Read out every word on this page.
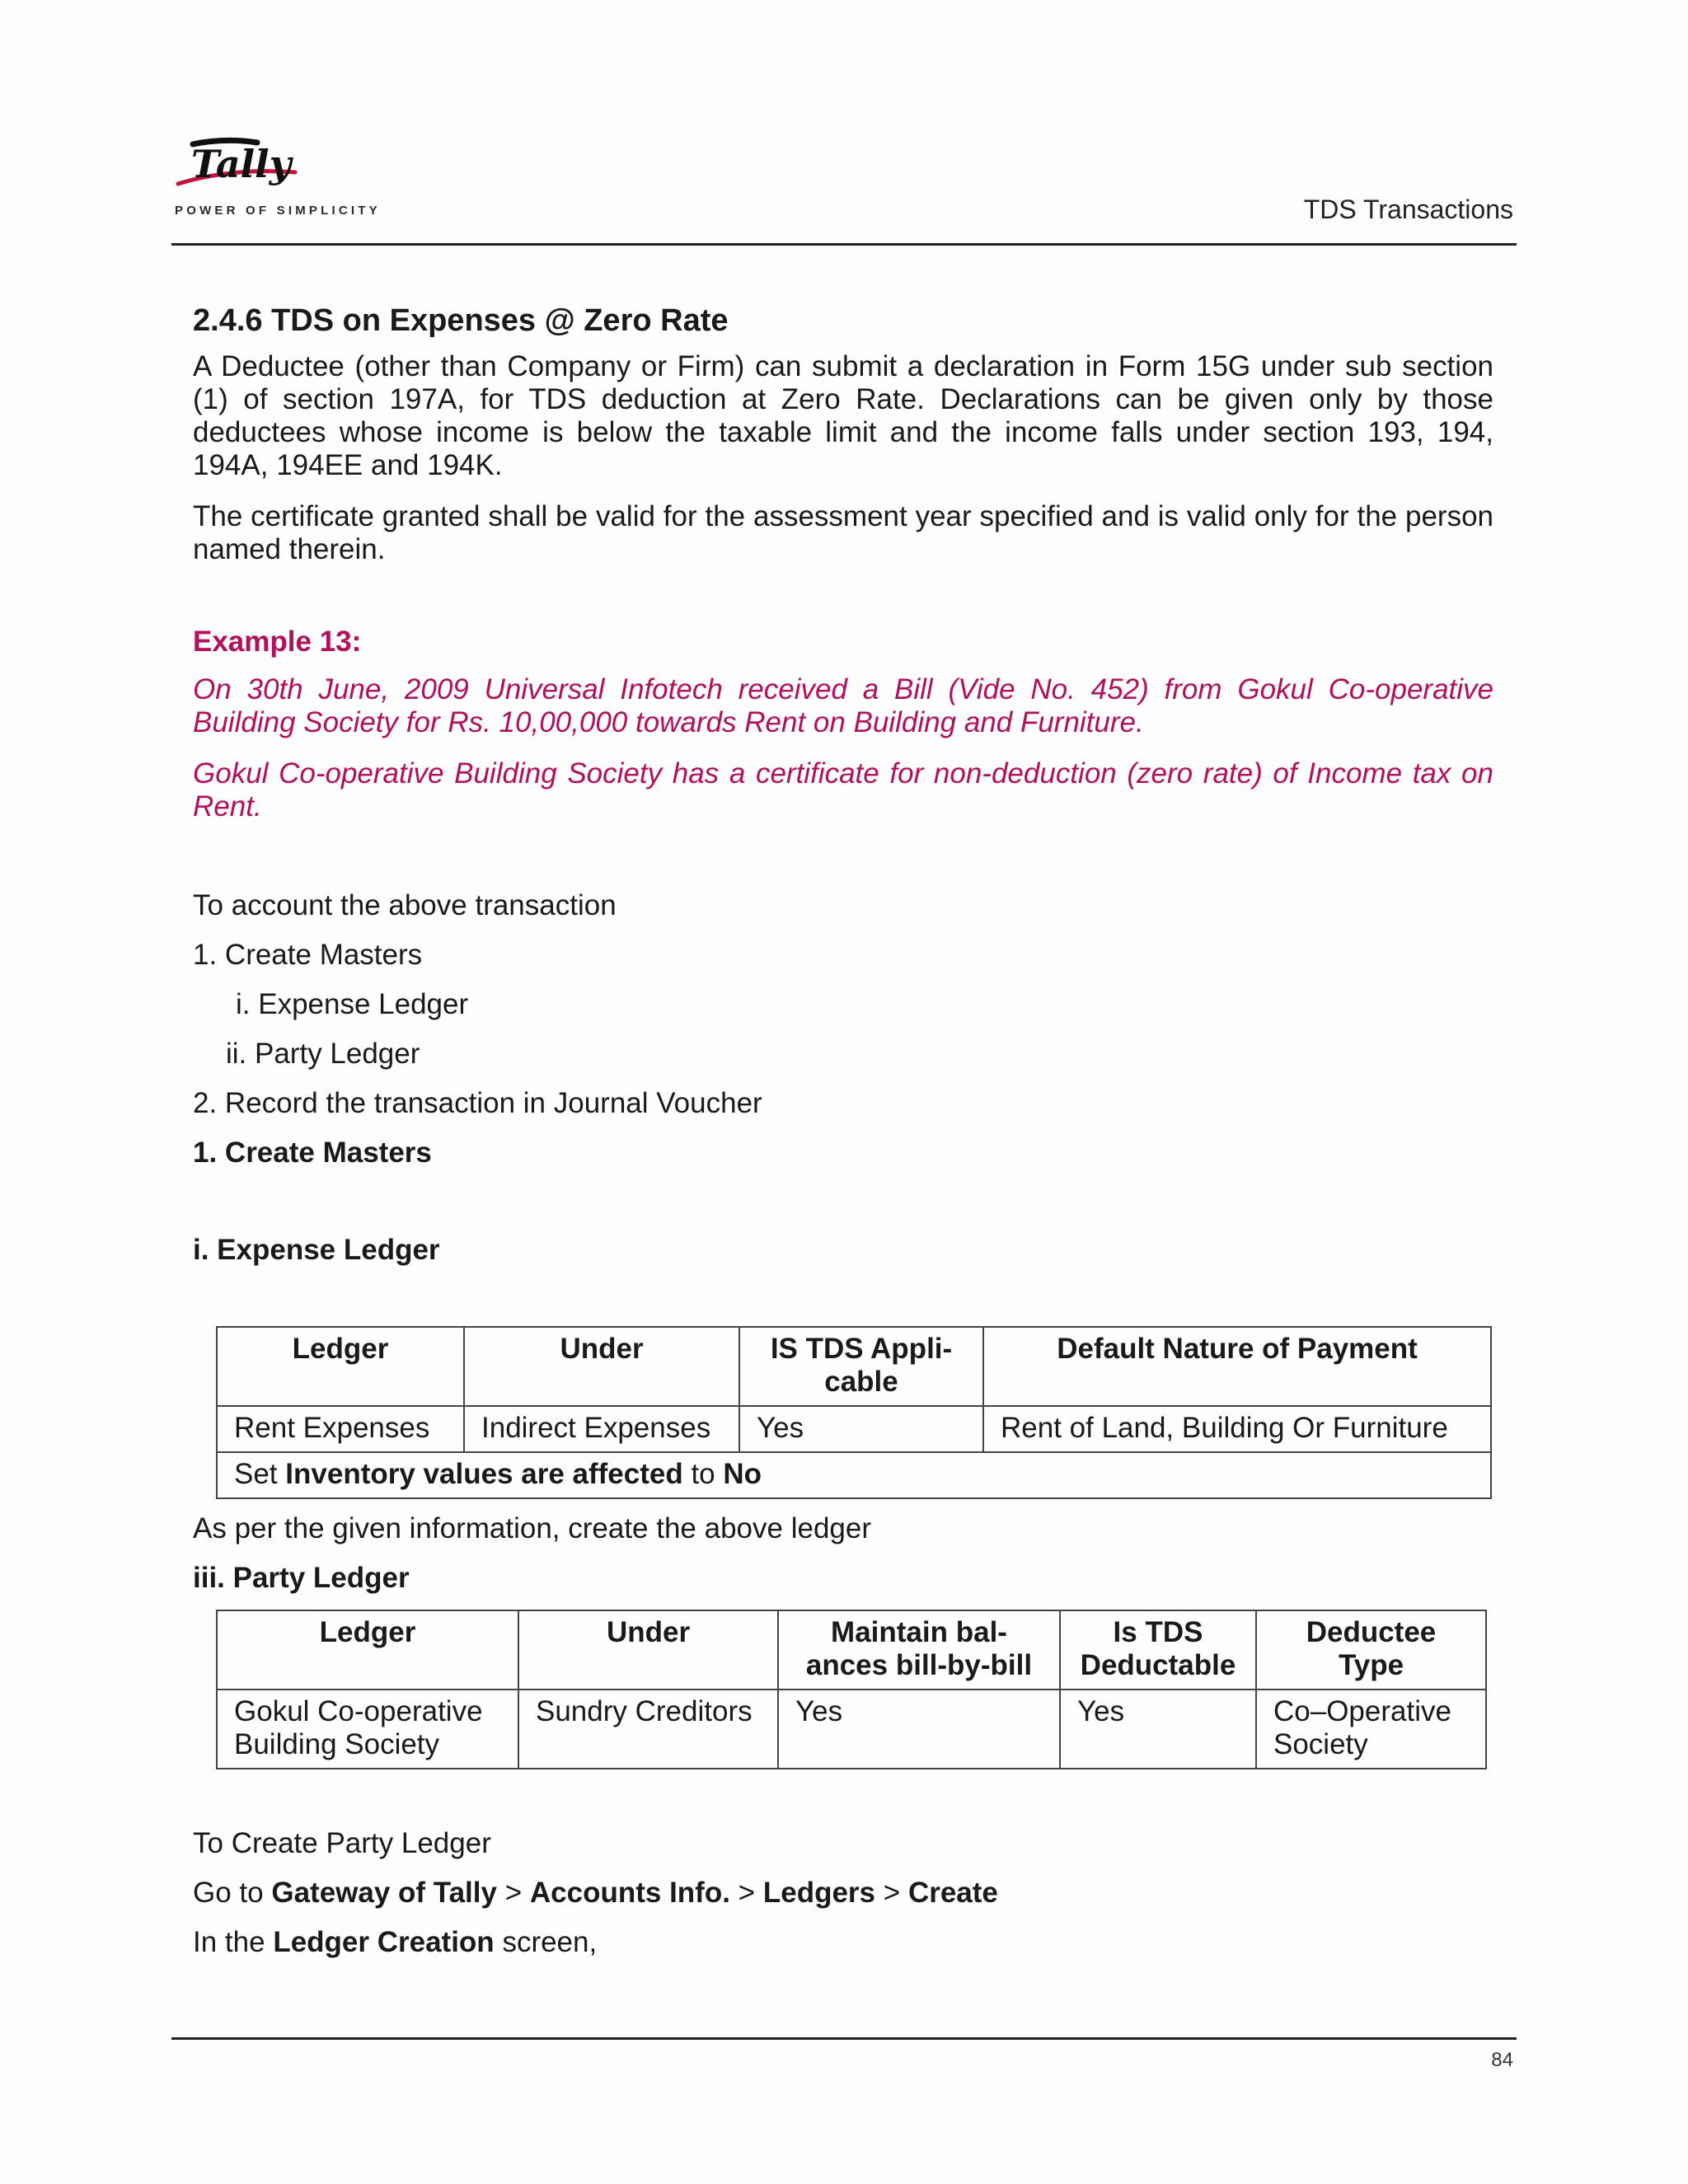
Tally
POWER OF SIMPLICITY	TDS Transactions
2.4.6 TDS on Expenses @ Zero Rate

A Deductee (other than Company or Firm) can submit a declaration in Form 15G under sub section (1) of section 197A, for TDS deduction at Zero Rate. Declarations can be given only by those deductees whose income is below the taxable limit and the income falls under section 193, 194, 194A, 194EE and 194K.

The certificate granted shall be valid for the assessment year specified and is valid only for the person named therein.

Example 13:

On 30th June, 2009 Universal Infotech received a Bill (Vide No. 452) from Gokul Co-operative Building Society for Rs. 10,00,000 towards Rent on Building and Furniture.

Gokul Co-operative Building Society has a certificate for non-deduction (zero rate) of Income tax on Rent.

To account the above transaction
1. Create Masters
i. Expense Ledger
ii. Party Ledger
2. Record the transaction in Journal Voucher
1. Create Masters
i. Expense Ledger
Ledger	Under	IS TDS Appli-cable	Default Nature of Payment
Rent Expenses	Indirect Expenses	Yes	Rent of Land, Building Or Furniture
Set Inventory values are affected to No			
As per the given information, create the above ledger
iii. Party Ledger
Ledger	Under	Maintain bal-ances bill-by-bill	Is TDS Deductable	Deductee Type
Gokul Co-operative Building Society	Sundry Creditors	Yes	Yes	Co–Operative Society
To Create Party Ledger
Go to Gateway of Tally > Accounts Info. > Ledgers > Create
In the Ledger Creation screen,
84
